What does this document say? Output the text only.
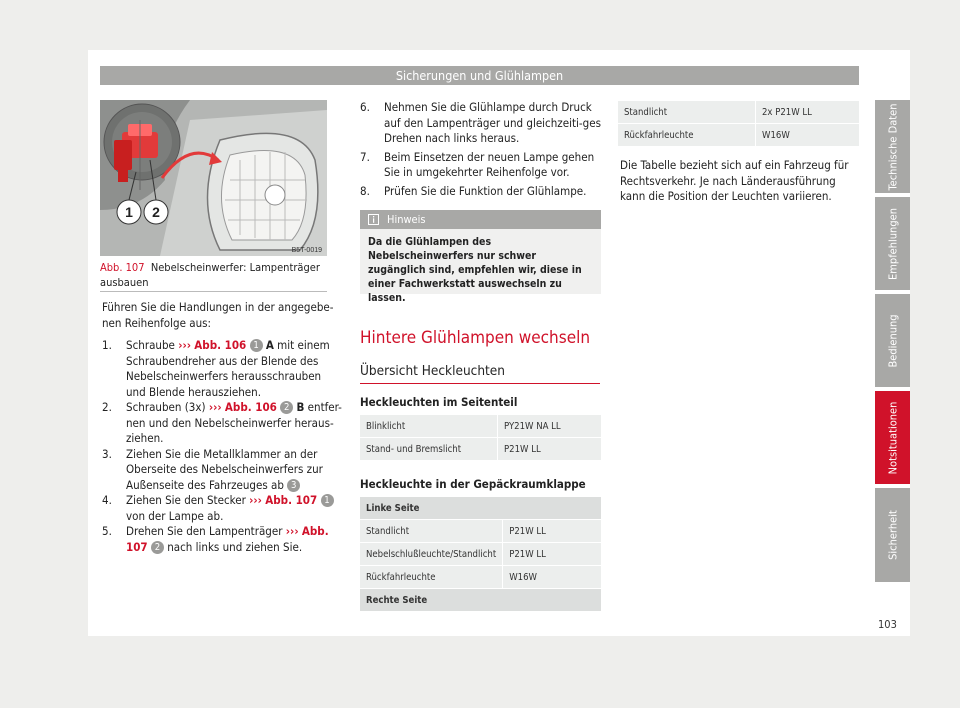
Sicherungen und Glühlampen
Technische Daten
Empfehlungen
Bedienung
Notsituationen
Sicherheit
1 2
B5T-0019
Abb. 107 Nebelscheinwerfer: Lampenträger ausbauen
Führen Sie die Handlungen in der angegebe-nen Reihenfolge aus:
1. Schraube ››› Abb. 106 1 A mit einem Schraubendreher aus der Blende des Nebelscheinwerfers herausschrauben und Blende herausziehen.
2. Schrauben (3x) ››› Abb. 106 2 B entfer-nen und den Nebelscheinwerfer heraus-ziehen.
3. Ziehen Sie die Metallklammer an der Oberseite des Nebelscheinwerfers zur Außenseite des Fahrzeuges ab 3
4. Ziehen Sie den Stecker ››› Abb. 107 1 von der Lampe ab.
5. Drehen Sie den Lampenträger ››› Abb. 107 2 nach links und ziehen Sie.
6. Nehmen Sie die Glühlampe durch Druck auf den Lampenträger und gleichzeiti-ges Drehen nach links heraus.
7. Beim Einsetzen der neuen Lampe gehen Sie in umgekehrter Reihenfolge vor.
8. Prüfen Sie die Funktion der Glühlampe.
Hinweis
Da die Glühlampen des Nebelscheinwerfers nur schwer zugänglich sind, empfehlen wir, diese in einer Fachwerkstatt auswechseln zu lassen.
Hintere Glühlampen wechseln
Übersicht Heckleuchten
Heckleuchten im Seitenteil
Blinklicht	PY21W NA LL
Stand- und Bremslicht	P21W LL
Heckleuchte in der Gepäckraumklappe
Linke Seite	
Standlicht	P21W LL
Nebelschlußleuchte/Standlicht	P21W LL
Rückfahrleuchte	W16W
Rechte Seite	
Standlicht	2x P21W LL
Rückfahrleuchte	W16W
Die Tabelle bezieht sich auf ein Fahrzeug für Rechtsverkehr. Je nach Länderausführung kann die Position der Leuchten variieren.
103
